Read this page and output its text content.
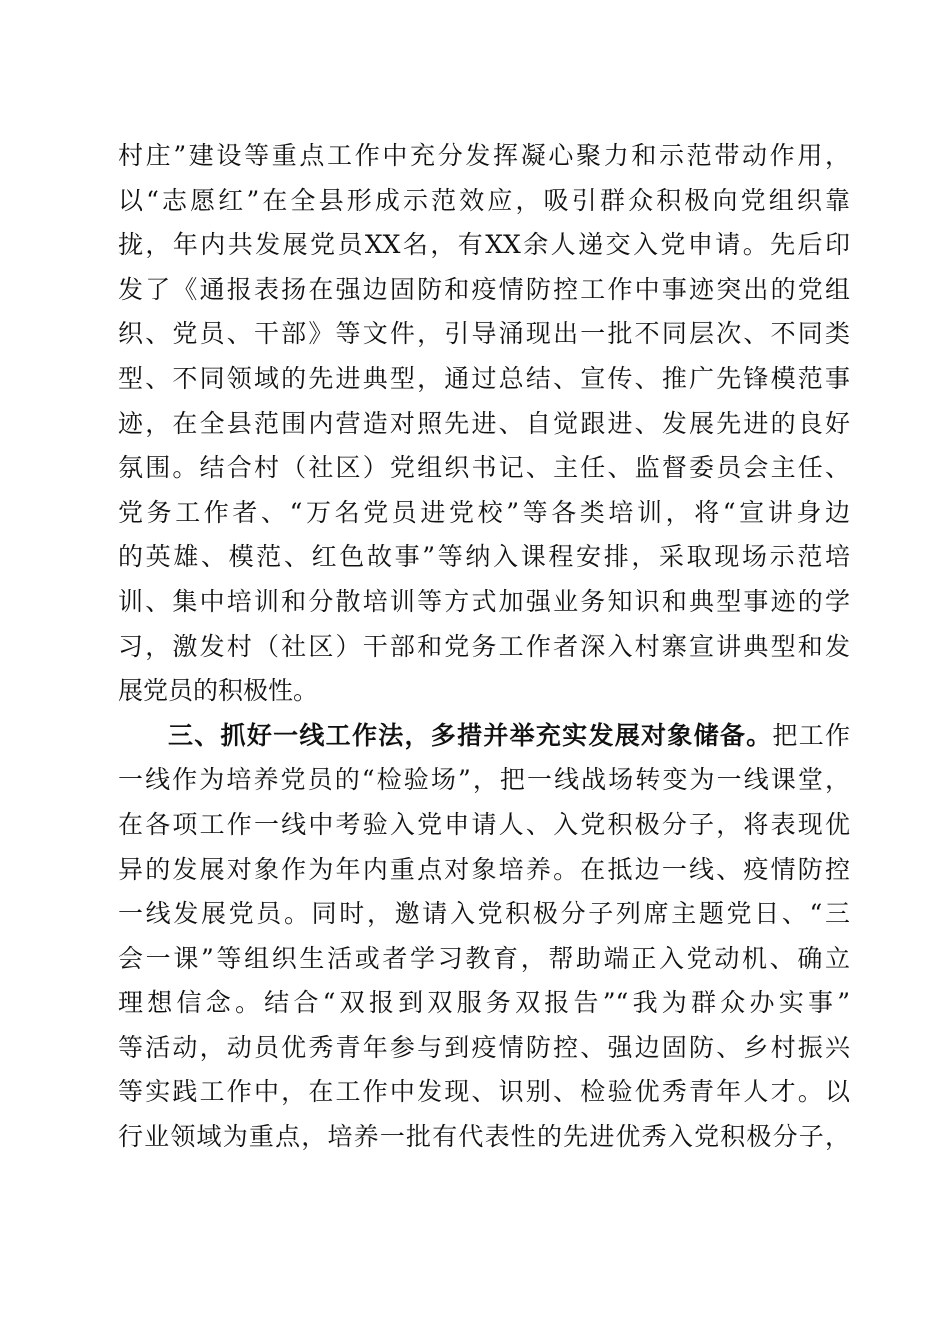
村庄”建设等重点工作中充分发挥凝心聚力和示范带动作用，
以“志愿红”在全县形成示范效应，吸引群众积极向党组织靠
拢，年内共发展党员XX名，有XX余人递交入党申请。先后印
发了《通报表扬在强边固防和疫情防控工作中事迹突出的党组
织、党员、干部》等文件，引导涌现出一批不同层次、不同类
型、不同领域的先进典型，通过总结、宣传、推广先锋模范事
迹，在全县范围内营造对照先进、自觉跟进、发展先进的良好
氛围。结合村（社区）党组织书记、主任、监督委员会主任、
党务工作者、“万名党员进党校”等各类培训，将“宣讲身边
的英雄、模范、红色故事”等纳入课程安排，采取现场示范培
训、集中培训和分散培训等方式加强业务知识和典型事迹的学
习，激发村（社区）干部和党务工作者深入村寨宣讲典型和发
展党员的积极性。
三、抓好一线工作法，多措并举充实发展对象储备。把工作
一线作为培养党员的“检验场”，把一线战场转变为一线课堂，
在各项工作一线中考验入党申请人、入党积极分子，将表现优
异的发展对象作为年内重点对象培养。在抵边一线、疫情防控
一线发展党员。同时，邀请入党积极分子列席主题党日、“三
会一课”等组织生活或者学习教育，帮助端正入党动机、确立
理想信念。结合“双报到双服务双报告”“我为群众办实事”
等活动，动员优秀青年参与到疫情防控、强边固防、乡村振兴
等实践工作中，在工作中发现、识别、检验优秀青年人才。以
行业领域为重点，培养一批有代表性的先进优秀入党积极分子，
